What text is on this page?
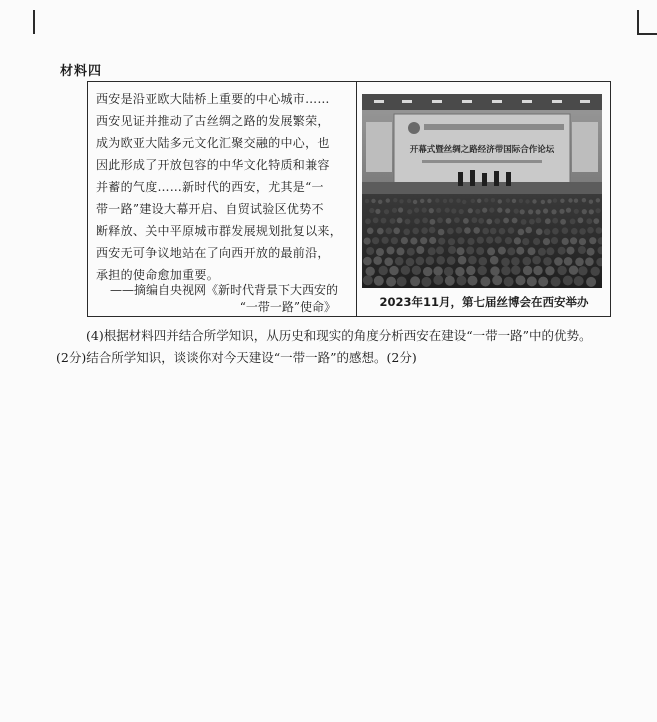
材料四
西安是沿亚欧大陆桥上重要的中心城市……
西安见证并推动了古丝绸之路的发展繁荣，
成为欧亚大陆多元文化汇聚交融的中心，也
因此形成了开放包容的中华文化特质和兼容
并蓄的气度……新时代的西安，尤其是“一
带一路”建设大幕开启、自贸试验区优势不
断释放、关中平原城市群发展规划批复以来，
西安无可争议地站在了向西开放的最前沿，
承担的使命愈加重要。
——摘编自央视网《新时代背景下大西安的
“一带一路”使命》
开幕式暨丝绸之路经济带国际合作论坛
2023年11月，第七届丝博会在西安举办
(4)根据材料四并结合所学知识，从历史和现实的角度分析西安在建设“一带一路”中的优势。
(2分)结合所学知识，谈谈你对今天建设“一带一路”的感想。(2分)
